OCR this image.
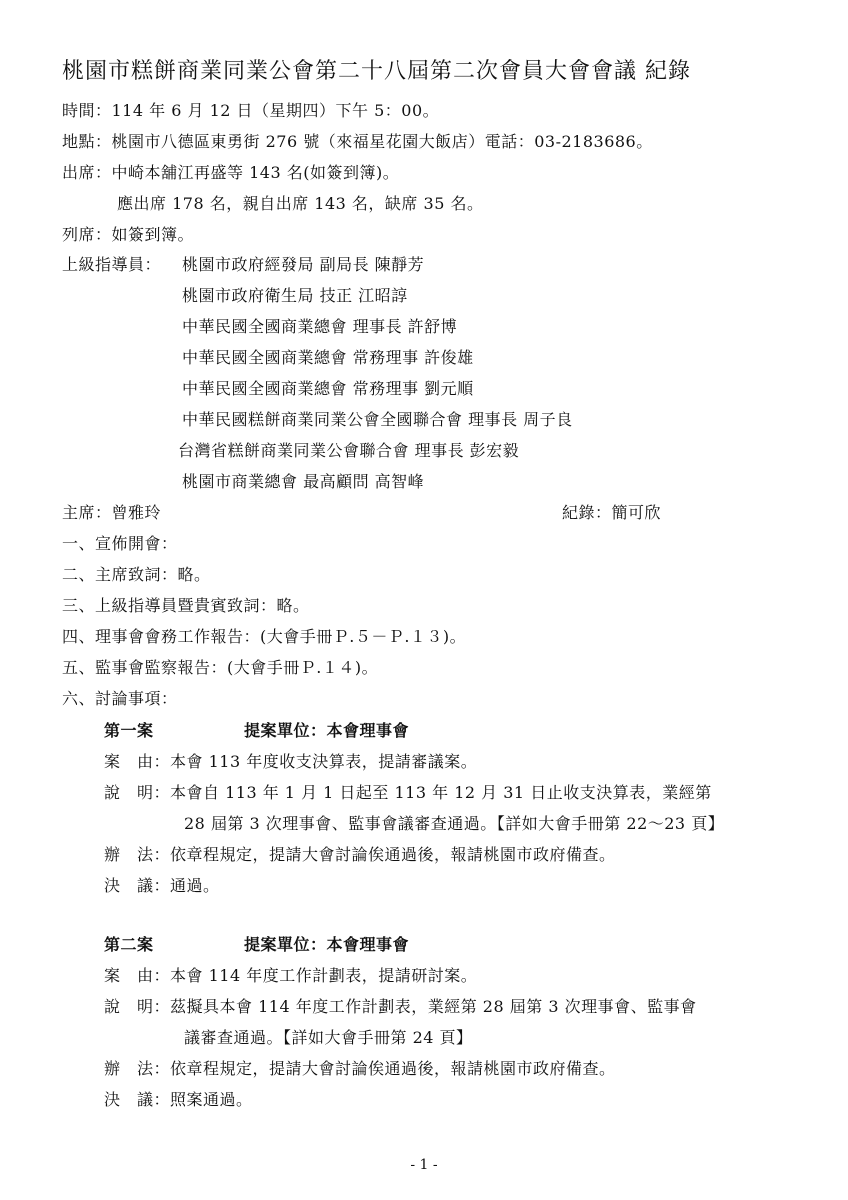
桃園市糕餅商業同業公會第二十八屆第二次會員大會會議 紀錄
時間：114 年 6 月 12 日（星期四）下午 5：00。
地點：桃園市八德區東勇街 276 號（來福星花園大飯店）電話：03-2183686。
出席：中崎本舖江再盛等 143 名(如簽到簿)。
應出席 178 名，親自出席 143 名，缺席 35 名。
列席：如簽到簿。
上級指導員： 桃園市政府經發局 副局長 陳靜芳
桃園市政府衛生局 技正 江昭諄
中華民國全國商業總會 理事長 許舒博
中華民國全國商業總會 常務理事 許俊雄
中華民國全國商業總會 常務理事 劉元順
中華民國糕餅商業同業公會全國聯合會 理事長 周子良
台灣省糕餅商業同業公會聯合會 理事長 彭宏毅
桃園市商業總會 最高顧問 高智峰
主席：曾雅玲	紀錄：簡可欣
一、宣佈開會：
二、主席致詞：略。
三、上級指導員暨貴賓致詞：略。
四、理事會會務工作報告：(大會手冊Ｐ.５－Ｐ.１３)。
五、監事會監察報告：(大會手冊Ｐ.１４)。
六、討論事項：
第一案	提案單位：本會理事會
案　由：本會 113 年度收支決算表，提請審議案。
說　明：本會自 113 年 1 月 1 日起至 113 年 12 月 31 日止收支決算表，業經第
28 屆第 3 次理事會、監事會議審查通過。【詳如大會手冊第 22～23 頁】
辦　法：依章程規定，提請大會討論俟通過後，報請桃園市政府備查。
決　議：通過。
第二案	提案單位：本會理事會
案　由：本會 114 年度工作計劃表，提請研討案。
說　明：茲擬具本會 114 年度工作計劃表，業經第 28 屆第 3 次理事會、監事會
議審查通過。【詳如大會手冊第 24 頁】
辦　法：依章程規定，提請大會討論俟通過後，報請桃園市政府備查。
決　議：照案通過。
- 1 -
